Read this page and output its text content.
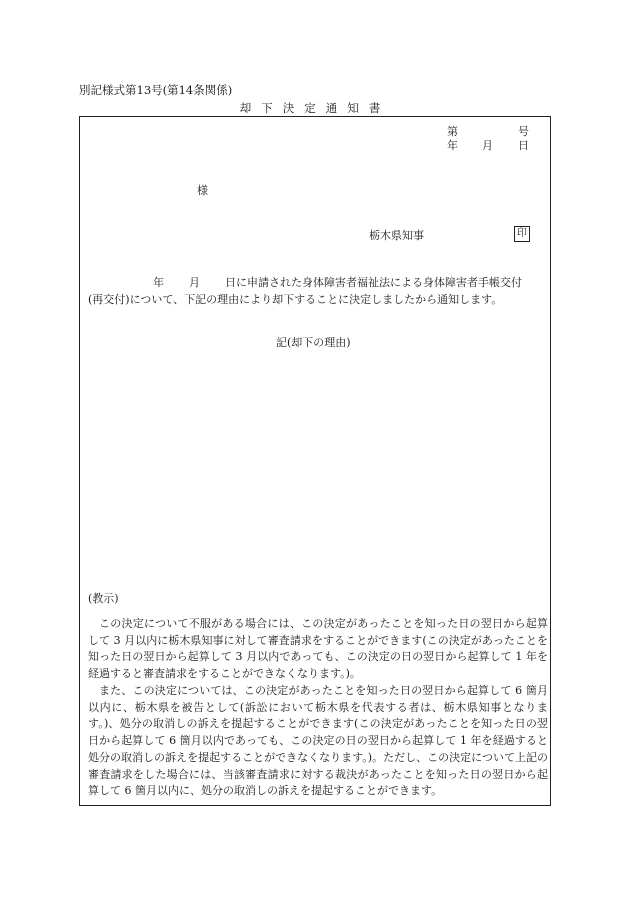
別記様式第13号(第14条関係)
却下決定通知書
第	号
年 月 日
様
栃木県知事	印
年 月 日に申請された身体障害者福祉法による身体障害者手帳交付
(再交付)について、下記の理由により却下することに決定しましたから通知します。
記(却下の理由)
(教示)
この決定について不服がある場合には、この決定があったことを知った日の翌日から起算して 3 月以内に栃木県知事に対して審査請求をすることができます(この決定があったことを知った日の翌日から起算して 3 月以内であっても、この決定の日の翌日から起算して 1 年を経過すると審査請求をすることができなくなります。)。
また、この決定については、この決定があったことを知った日の翌日から起算して 6 箇月以内に、栃木県を被告として(訴訟において栃木県を代表する者は、栃木県知事となります。)、処分の取消しの訴えを提起することができます(この決定があったことを知った日の翌日から起算して 6 箇月以内であっても、この決定の日の翌日から起算して 1 年を経過すると処分の取消しの訴えを提起することができなくなります。)。ただし、この決定について上記の審査請求をした場合には、当該審査請求に対する裁決があったことを知った日の翌日から起算して 6 箇月以内に、処分の取消しの訴えを提起することができます。
